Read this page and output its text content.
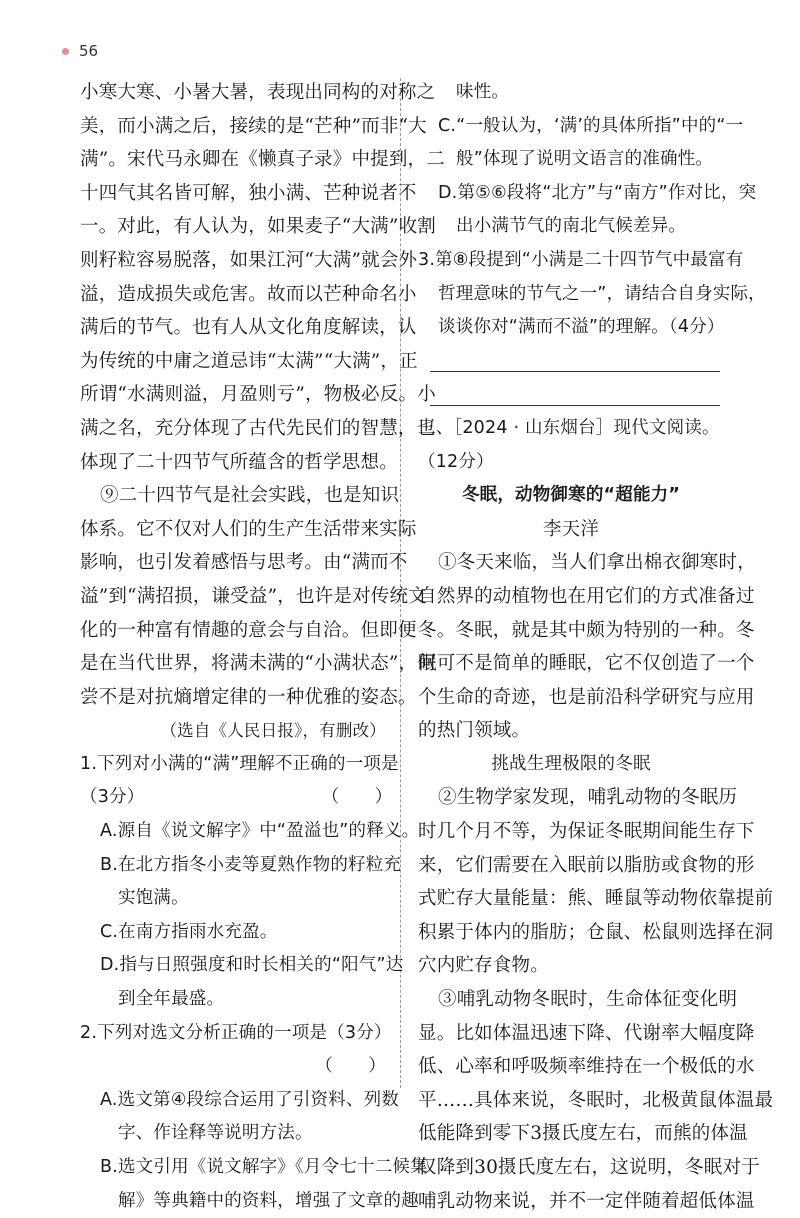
56
小寒大寒、小暑大暑，表现出同构的对称之
美，而小满之后，接续的是“芒种”而非“大
满”。宋代马永卿在《懒真子录》中提到，二
十四气其名皆可解，独小满、芒种说者不
一。对此，有人认为，如果麦子“大满”收割
则籽粒容易脱落，如果江河“大满”就会外
溢，造成损失或危害。故而以芒种命名小
满后的节气。也有人从文化角度解读，认
为传统的中庸之道忌讳“太满”“大满”，正
所谓“水满则溢，月盈则亏”，物极必反。小
满之名，充分体现了古代先民们的智慧，也
体现了二十四节气所蕴含的哲学思想。
⑨二十四节气是社会实践，也是知识
体系。它不仅对人们的生产生活带来实际
影响，也引发着感悟与思考。由“满而不
溢”到“满招损，谦受益”，也许是对传统文
化的一种富有情趣的意会与自洽。但即便
是在当代世界，将满未满的“小满状态”，何
尝不是对抗熵增定律的一种优雅的姿态。
（选自《人民日报》，有删改）
1.下列对小满的“满”理解不正确的一项是
（3分）　　　　　　　　　　　（　　）
A.源自《说文解字》中“盈溢也”的释义。
B.在北方指冬小麦等夏熟作物的籽粒充
实饱满。
C.在南方指雨水充盈。
D.指与日照强度和时长相关的“阳气”达
到全年最盛。
2.下列对选文分析正确的一项是（3分）
（　　）
A.选文第④段综合运用了引资料、列数
字、作诠释等说明方法。
B.选文引用《说文解字》《月令七十二候集
解》等典籍中的资料，增强了文章的趣
味性。
C.“一般认为，‘满’的具体所指”中的“一
般”体现了说明文语言的准确性。
D.第⑤⑥段将“北方”与“南方”作对比，突
出小满节气的南北气候差异。
3.第⑧段提到“小满是二十四节气中最富有
哲理意味的节气之一”，请结合自身实际，
谈谈你对“满而不溢”的理解。（4分）
三、［2024 · 山东烟台］现代文阅读。
（12分）
冬眠，动物御寒的“超能力”
李天洋
①冬天来临，当人们拿出棉衣御寒时，
自然界的动植物也在用它们的方式准备过
冬。冬眠，就是其中颇为特别的一种。冬
眠可不是简单的睡眠，它不仅创造了一个
个生命的奇迹，也是前沿科学研究与应用
的热门领域。
挑战生理极限的冬眠
②生物学家发现，哺乳动物的冬眠历
时几个月不等，为保证冬眠期间能生存下
来，它们需要在入眠前以脂肪或食物的形
式贮存大量能量：熊、睡鼠等动物依靠提前
积累于体内的脂肪；仓鼠、松鼠则选择在洞
穴内贮存食物。
③哺乳动物冬眠时，生命体征变化明
显。比如体温迅速下降、代谢率大幅度降
低、心率和呼吸频率维持在一个极低的水
平……具体来说，冬眠时，北极黄鼠体温最
低能降到零下3摄氏度左右，而熊的体温
仅降到30摄氏度左右，这说明，冬眠对于
哺乳动物来说，并不一定伴随着超低体温
